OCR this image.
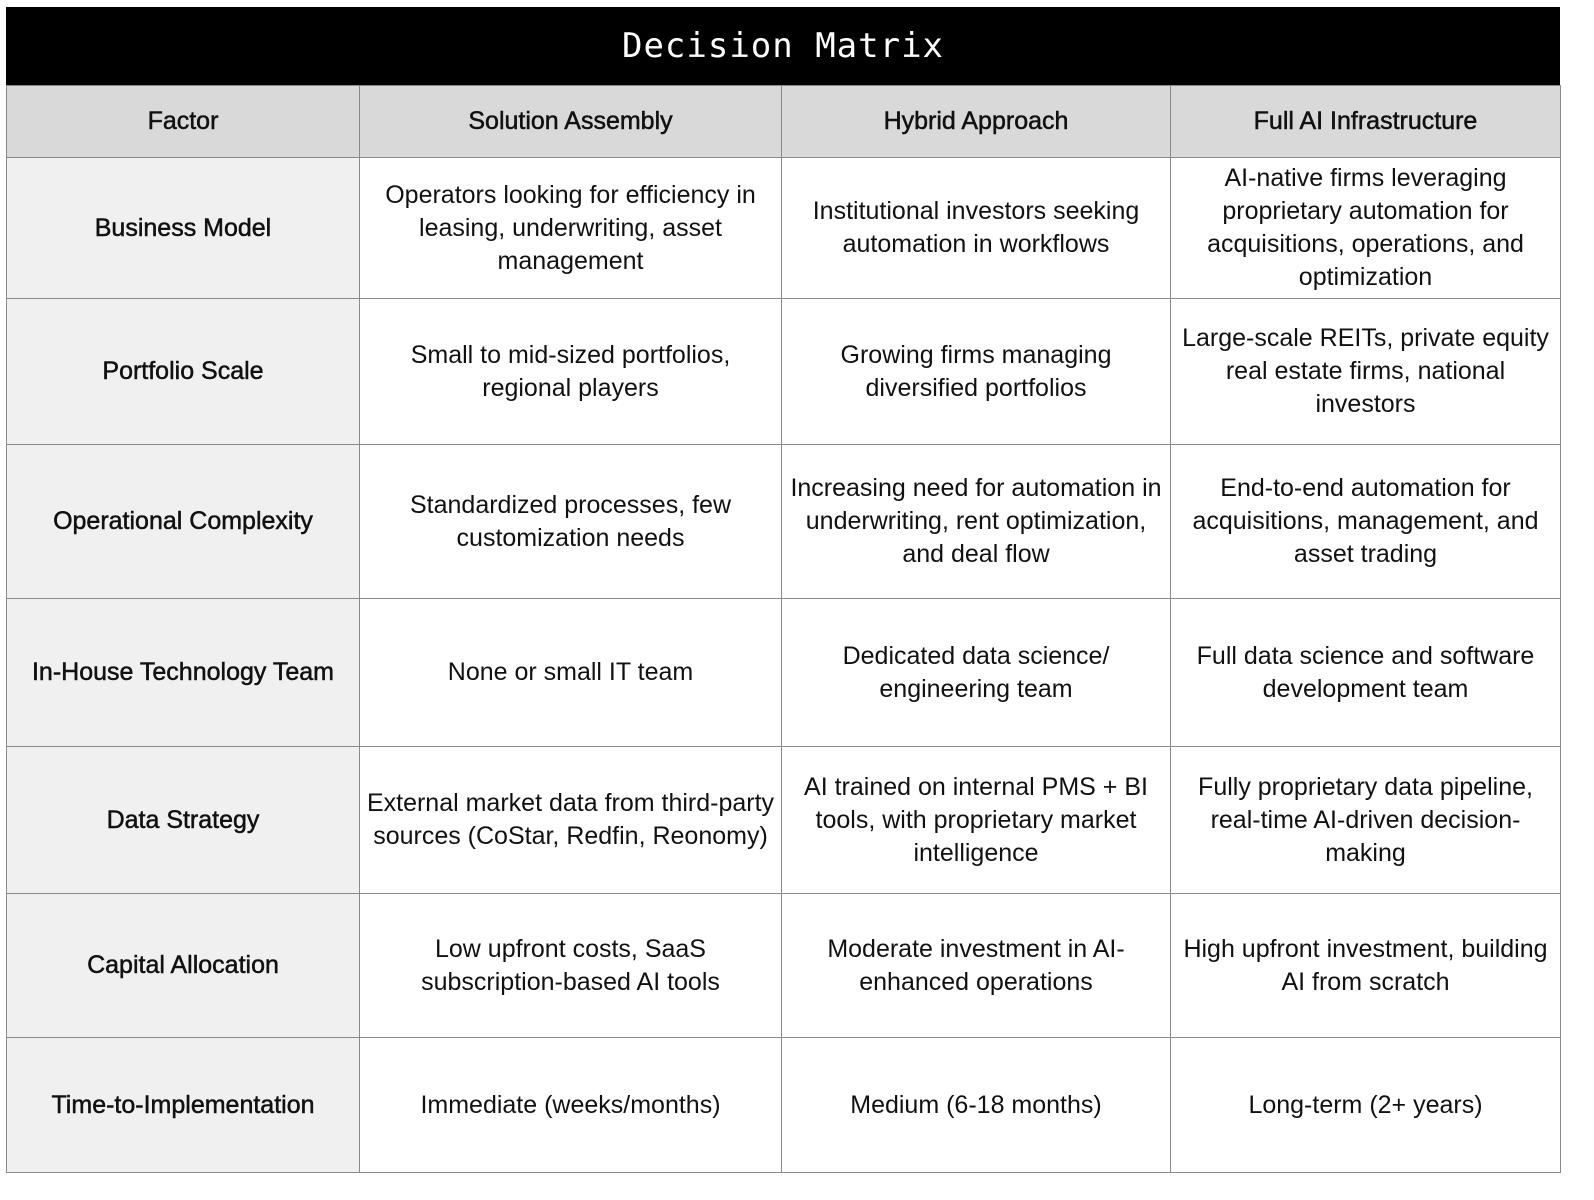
Decision Matrix
Factor	Solution Assembly	Hybrid Approach	Full AI Infrastructure
Business Model	Operators looking for efficiency in leasing, underwriting, asset management	Institutional investors seeking automation in workflows	AI-native firms leveraging proprietary automation for acquisitions, operations, and optimization
Portfolio Scale	Small to mid-sized portfolios, regional players	Growing firms managing diversified portfolios	Large-scale REITs, private equity real estate firms, national investors
Operational Complexity	Standardized processes, few customization needs	Increasing need for automation in underwriting, rent optimization, and deal flow	End-to-end automation for acquisitions, management, and asset trading
In-House Technology Team	None or small IT team	Dedicated data science/ engineering team	Full data science and software development team
Data Strategy	External market data from third-party sources (CoStar, Redfin, Reonomy)	AI trained on internal PMS + BI tools, with proprietary market intelligence	Fully proprietary data pipeline, real-time AI-driven decision-making
Capital Allocation	Low upfront costs, SaaS subscription-based AI tools	Moderate investment in AI-enhanced operations	High upfront investment, building AI from scratch
Time-to-Implementation	Immediate (weeks/months)	Medium (6-18 months)	Long-term (2+ years)
